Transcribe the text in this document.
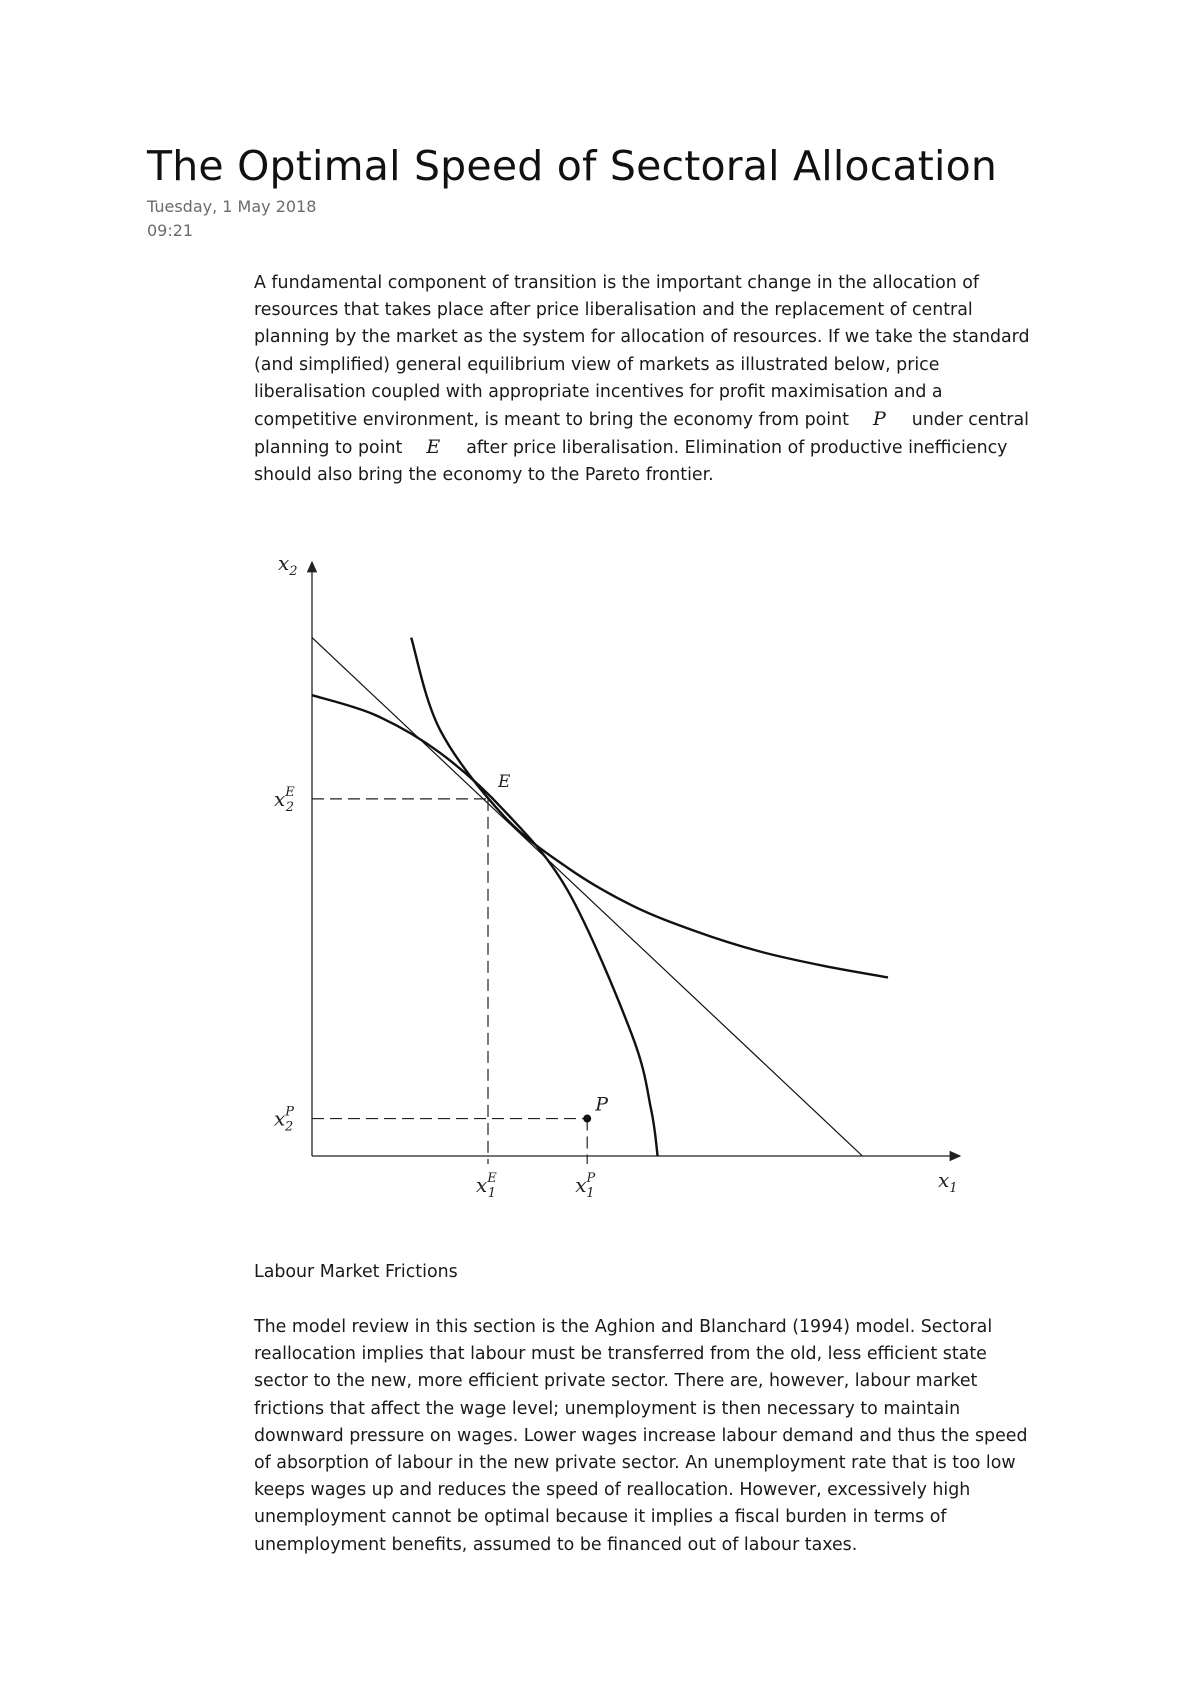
The Optimal Speed of Sectoral Allocation
Tuesday, 1 May 2018
09:21

A fundamental component of transition is the important change in the allocation of
resources that takes place after price liberalisation and the replacement of central
planning by the market as the system for allocation of resources. If we take the standard
(and simplified) general equilibrium view of markets as illustrated below, price
liberalisation coupled with appropriate incentives for profit maximisation and a
competitive environment, is meant to bring the economy from point P under central
planning to point E after price liberalisation. Elimination of productive inefficiency
should also bring the economy to the Pareto frontier.

$x_2$
$x_1$
$x^E$ 2
$x^P$ 2
$x^E$ 1	$x^P$ 1
E
P
Labour Market Frictions

The model review in this section is the Aghion and Blanchard (1994) model. Sectoral
reallocation implies that labour must be transferred from the old, less efficient state
sector to the new, more efficient private sector. There are, however, labour market
frictions that affect the wage level; unemployment is then necessary to maintain
downward pressure on wages. Lower wages increase labour demand and thus the speed
of absorption of labour in the new private sector. An unemployment rate that is too low
keeps wages up and reduces the speed of reallocation. However, excessively high
unemployment cannot be optimal because it implies a fiscal burden in terms of
unemployment benefits, assumed to be financed out of labour taxes.
